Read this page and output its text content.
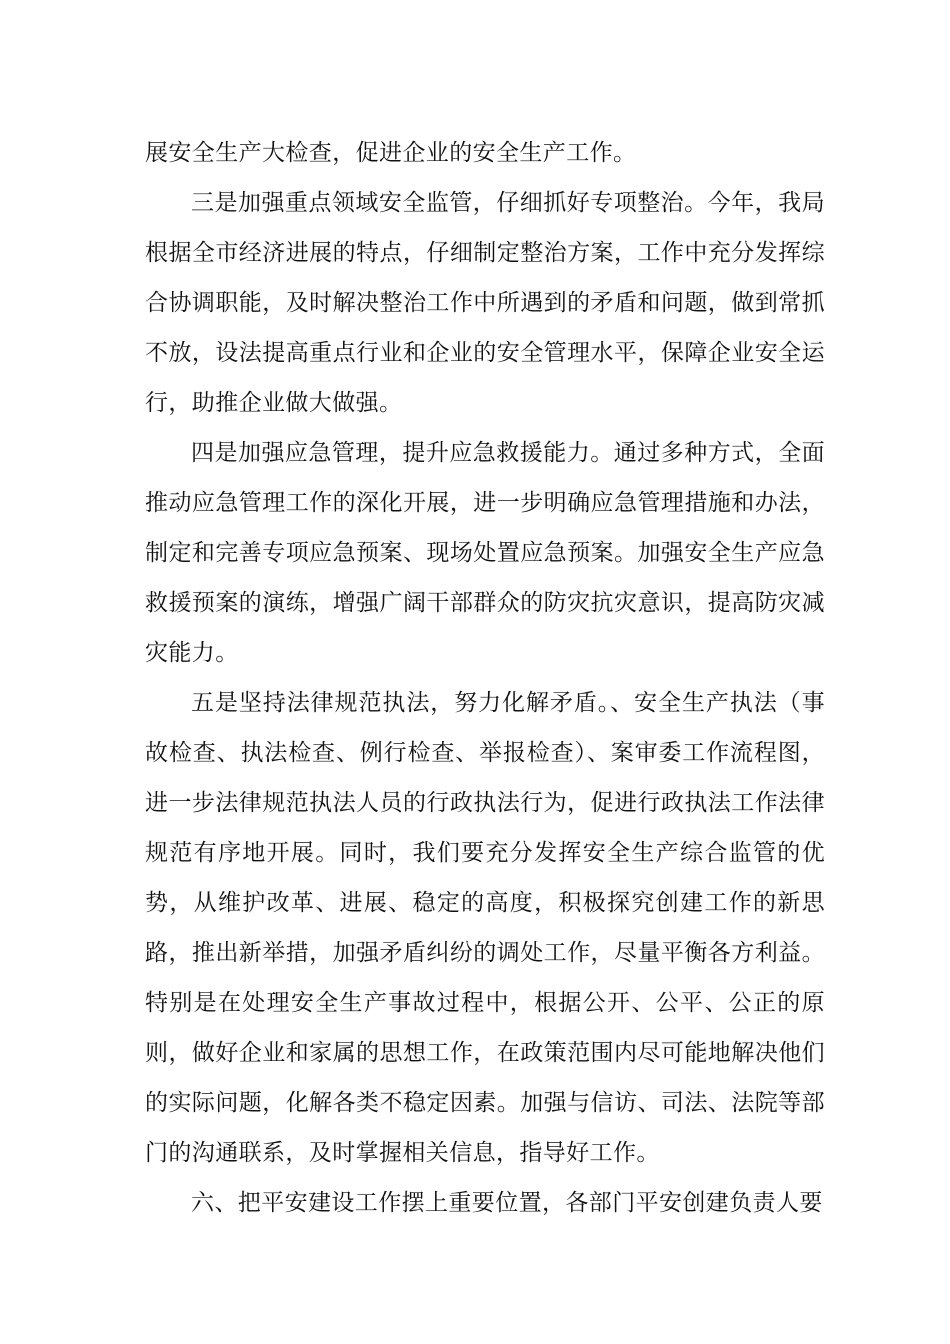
展安全生产大检查，促进企业的安全生产工作。

三是加强重点领域安全监管，仔细抓好专项整治。今年，我局根据全市经济进展的特点，仔细制定整治方案，工作中充分发挥综合协调职能，及时解决整治工作中所遇到的矛盾和问题，做到常抓不放，设法提高重点行业和企业的安全管理水平，保障企业安全运行，助推企业做大做强。

四是加强应急管理，提升应急救援能力。通过多种方式，全面推动应急管理工作的深化开展，进一步明确应急管理措施和办法，制定和完善专项应急预案、现场处置应急预案。加强安全生产应急救援预案的演练，增强广阔干部群众的防灾抗灾意识，提高防灾减灾能力。

五是坚持法律规范执法，努力化解矛盾。、安全生产执法（事故检查、执法检查、例行检查、举报检查）、案审委工作流程图，进一步法律规范执法人员的行政执法行为，促进行政执法工作法律规范有序地开展。同时，我们要充分发挥安全生产综合监管的优势，从维护改革、进展、稳定的高度，积极探究创建工作的新思路，推出新举措，加强矛盾纠纷的调处工作，尽量平衡各方利益。特别是在处理安全生产事故过程中，根据公开、公平、公正的原则，做好企业和家属的思想工作，在政策范围内尽可能地解决他们的实际问题，化解各类不稳定因素。加强与信访、司法、法院等部门的沟通联系，及时掌握相关信息，指导好工作。

六、把平安建设工作摆上重要位置，各部门平安创建负责人要
